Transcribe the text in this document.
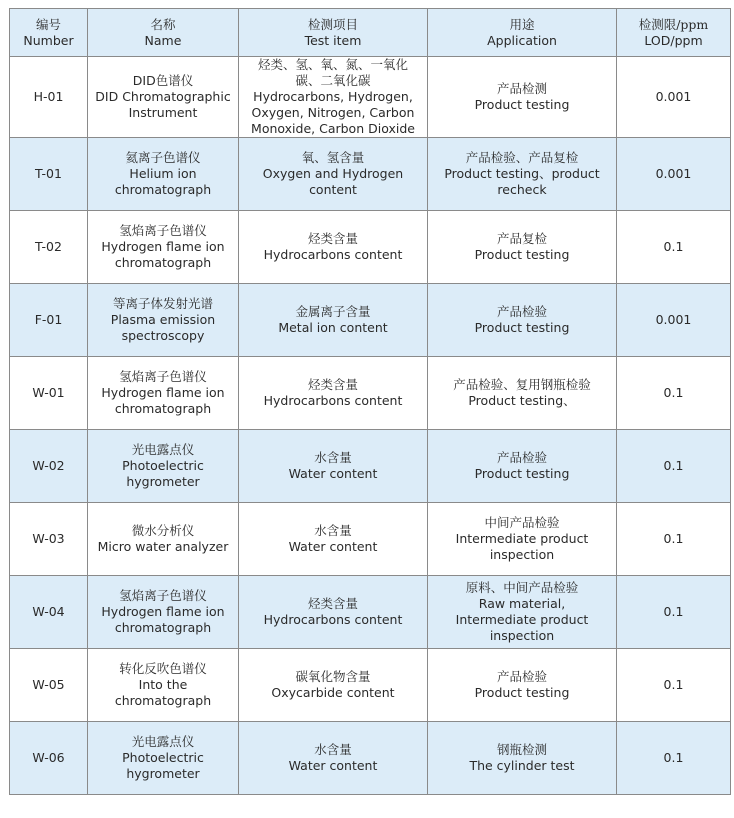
编号
Number	名称
Name	检测项目
Test item	用途
Application	检测限/ppm
LOD/ppm

H-01	DID色谱仪
DID Chromatographic
Instrument	烃类、氢、氧、氮、一氧化
碳、二氧化碳
Hydrocarbons, Hydrogen,
Oxygen, Nitrogen, Carbon
Monoxide, Carbon Dioxide	产品检测
Product testing	0.001
T-01	氦离子色谱仪
Helium ion
chromatograph	氧、氢含量
Oxygen and Hydrogen
content	产品检验、产品复检
Product testing、product
recheck	0.001
T-02	氢焰离子色谱仪
Hydrogen flame ion
chromatograph	烃类含量
Hydrocarbons content	产品复检
Product testing	0.1
F-01	等离子体发射光谱
Plasma emission
spectroscopy	金属离子含量
Metal ion content	产品检验
Product testing	0.001
W-01	氢焰离子色谱仪
Hydrogen flame ion
chromatograph	烃类含量
Hydrocarbons content	产品检验、复用钢瓶检验
Product testing、	0.1
W-02	光电露点仪
Photoelectric
hygrometer	水含量
Water content	产品检验
Product testing	0.1
W-03	微水分析仪
Micro water analyzer	水含量
Water content	中间产品检验
Intermediate product
inspection	0.1
W-04	氢焰离子色谱仪
Hydrogen flame ion
chromatograph	烃类含量
Hydrocarbons content	原料、中间产品检验
Raw material,
Intermediate product
inspection	0.1
W-05	转化反吹色谱仪
Into the chromatograph	碳氧化物含量
Oxycarbide content	产品检验
Product testing	0.1
W-06	光电露点仪
Photoelectric
hygrometer	水含量
Water content	钢瓶检测
The cylinder test	0.1
